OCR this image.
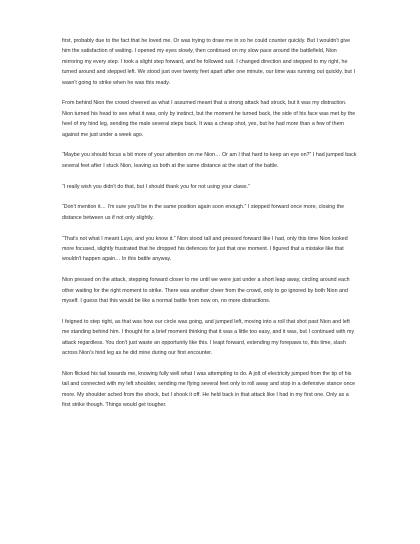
first, probably due to the fact that he loved me. Or was trying to draw me in so he could counter quickly. But I wouldn't give him the satisfaction of waiting. I opened my eyes slowly, then continued on my slow pace around the battlefield, Nion mirroring my every step. I took a slight step forward, and he followed suit. I changed direction and stepped to my right, he turned around and stepped left. We stood just over twenty feet apart after one minute, our time was running out quickly, but I wasn't going to strike when he was this ready.

From behind Nion the crowd cheered as what I assumed meant that a strong attack had struck, but it was my distraction. Nion turned his head to see what it was, only by instinct, but the moment he turned back, the side of his face was met by the heel of my hind leg, sending the male several steps back. It was a cheap shot, yes, but he had more than a few of them against me just under a week ago.

“Maybe you should focus a bit more of your attention on me Nion… Or am I that hard to keep an eye on?” I had jumped back several feet after I stuck Nion, leaving us both at the same distance at the start of the battle.

“I really wish you didn't do that, but I should thank you for not using your claws.”

“Don't mention it… I'm sure you'll be in the same position again soon enough.” I stepped forward once more, closing the distance between us if not only slightly.

“That's not what I meant Luyo, and you know it.” Nion stood tall and pressed forward like I had, only this time Nion looked more focused, slightly frustrated that he dropped his defences for just that one moment. I figured that a mistake like that wouldn't happen again… In this battle anyway.

Nion pressed on the attack, stepping forward closer to me until we were just under a short leap away, circling around each other waiting for the right moment to strike. There was another cheer from the crowd, only to go ignored by both Nion and myself. I guess that this would be like a normal battle from now on, no more distractions.

I feigned to step right, as that was how our circle was going, and jumped left, moving into a roll that shot past Nion and left me standing behind him. I thought for a brief moment thinking that it was a little too easy, and it was, but I continued with my attack regardless. You don't just waste an opportunity like this. I leapt forward, extending my forepaws to, this time, slash across Nion's hind leg as he did mine during our first encounter.

Nion flicked his tail towards me, knowing fully well what I was attempting to do. A jolt of electricity jumped from the tip of his tail and connected with my left shoulder, sending me flying several feet only to roll away and stop in a defensive stance once more. My shoulder ached from the shock, but I shook it off. He held back in that attack like I had in my first one. Only as a first strike though. Things would get tougher.
